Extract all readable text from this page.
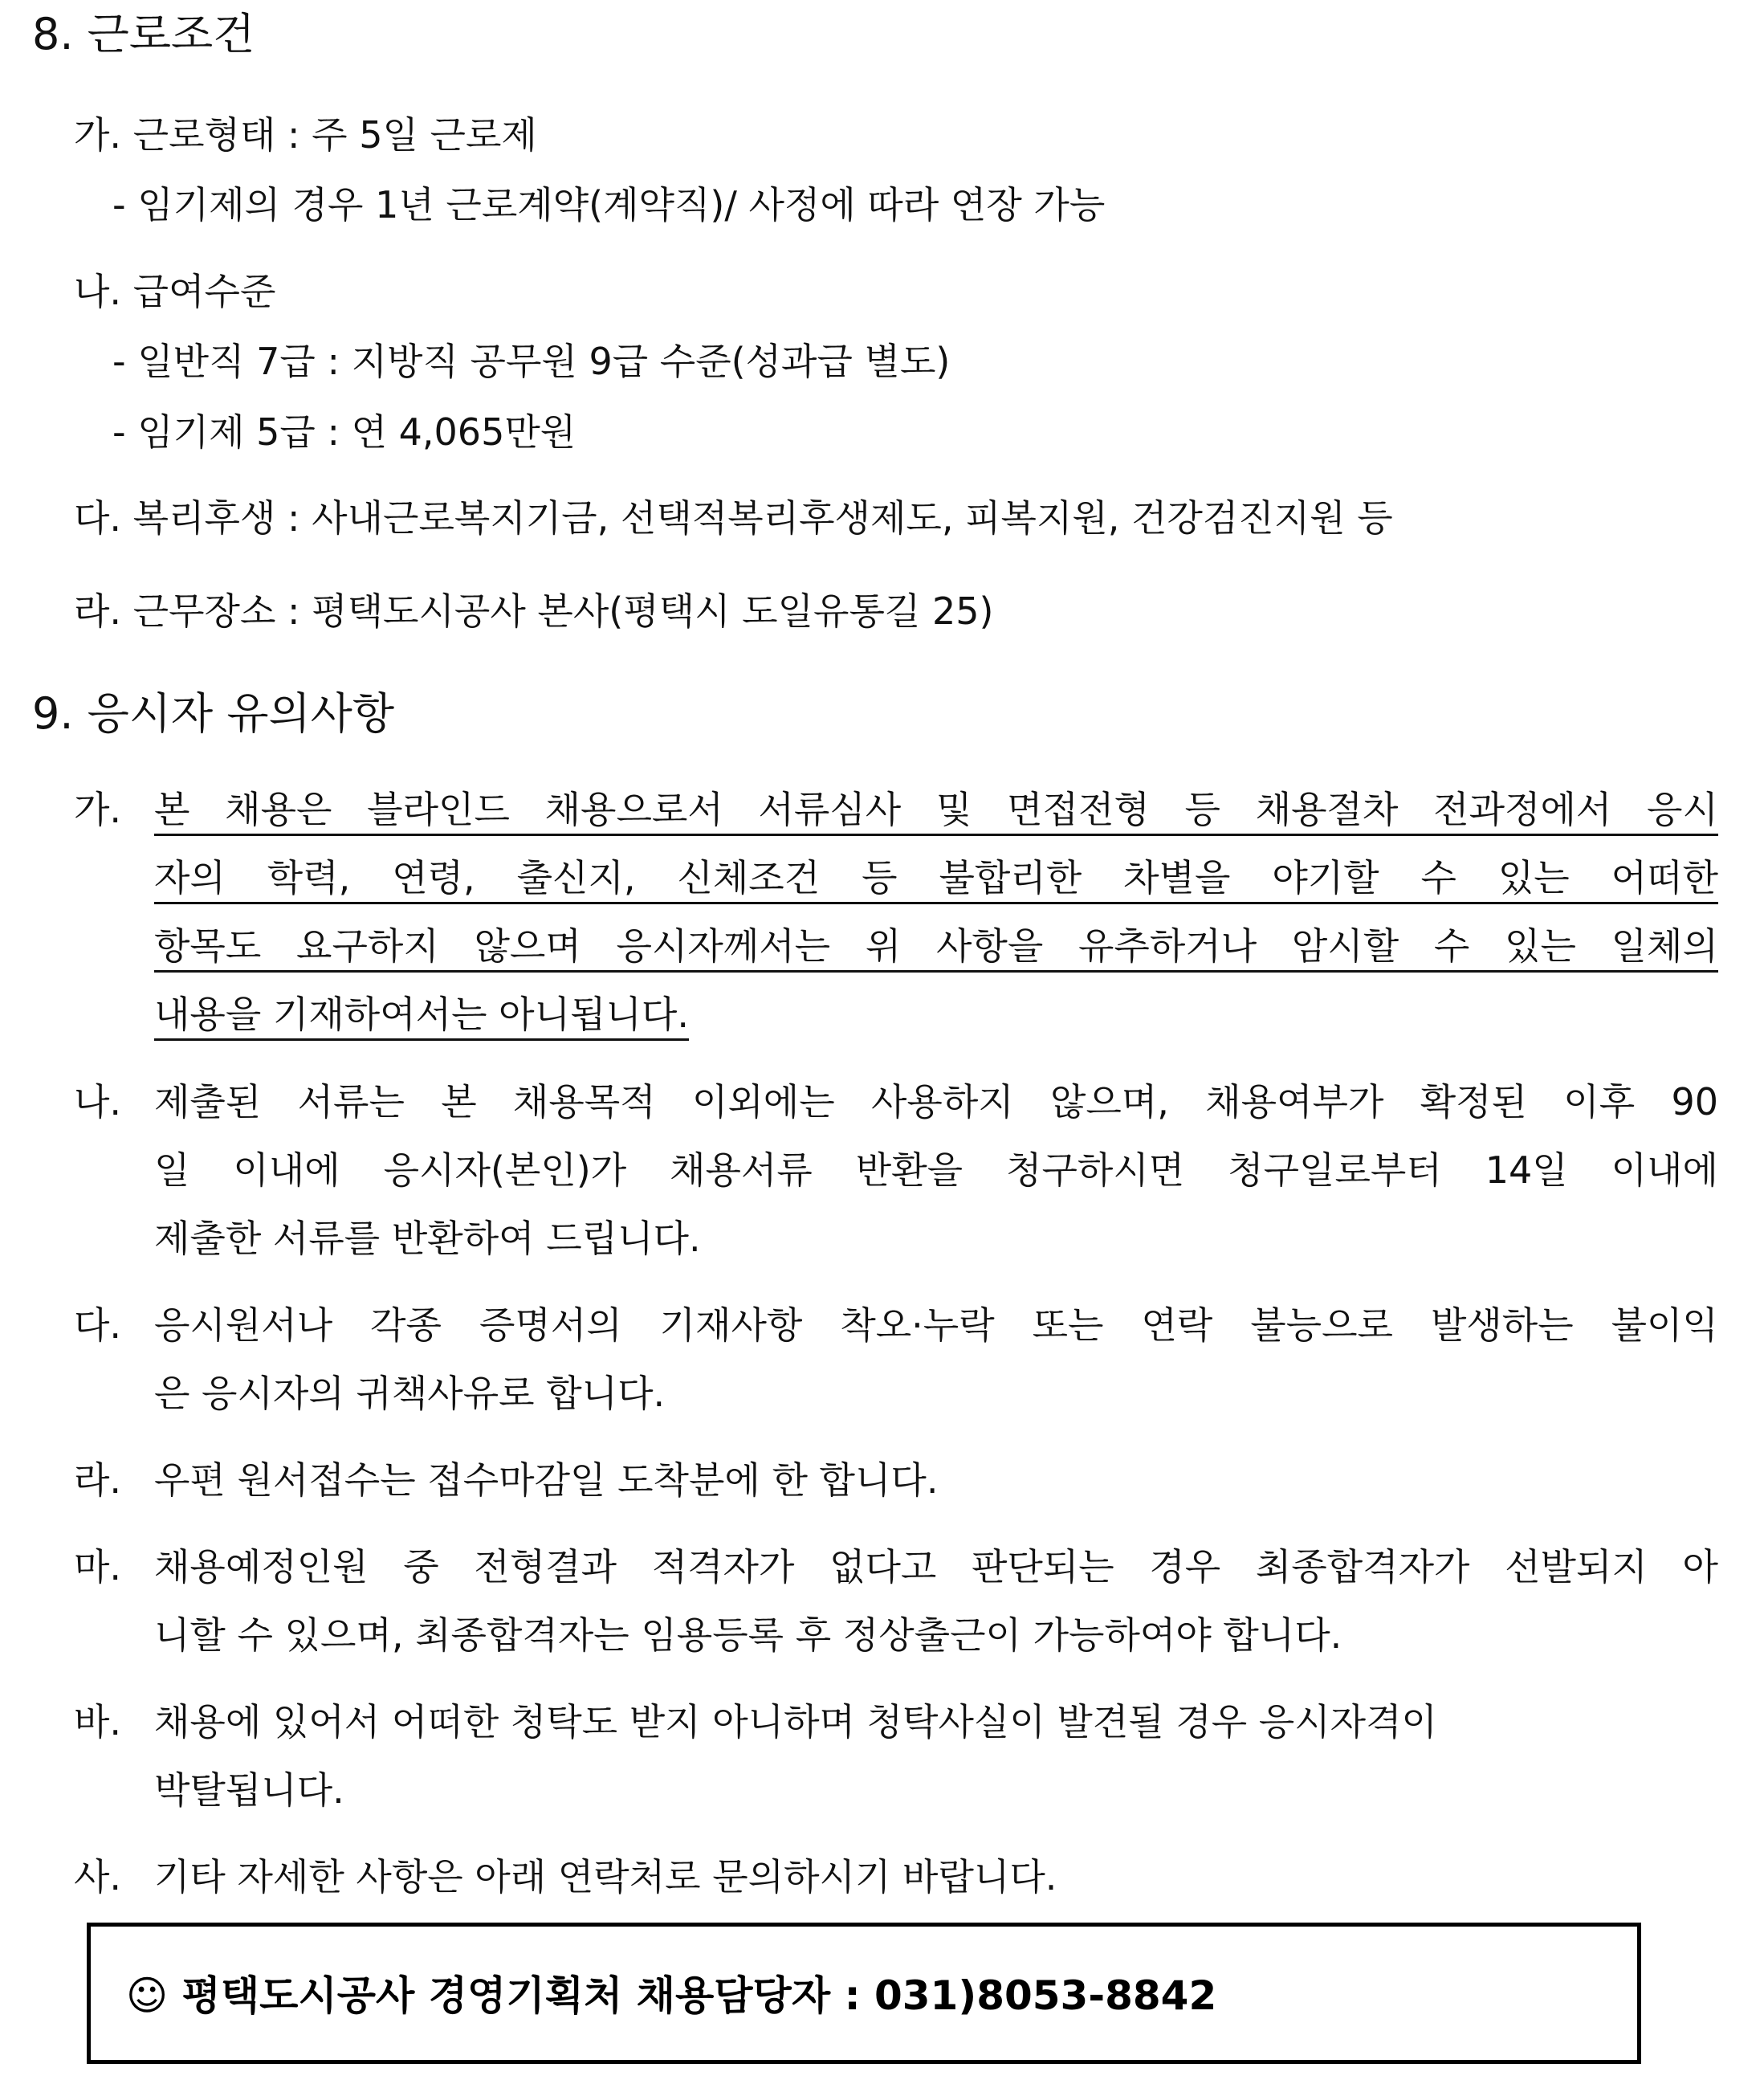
8. 근로조건
가. 근로형태 : 주 5일 근로제
- 임기제의 경우 1년 근로계약(계약직)/ 사정에 따라 연장 가능
나. 급여수준
- 일반직 7급 : 지방직 공무원 9급 수준(성과급 별도)
- 임기제 5급 : 연 4,065만원
다. 복리후생 : 사내근로복지기금, 선택적복리후생제도, 피복지원, 건강검진지원 등
라. 근무장소 : 평택도시공사 본사(평택시 도일유통길 25)
9. 응시자 유의사항
가. 본 채용은 블라인드 채용으로서 서류심사 및 면접전형 등 채용절차 전과정에서 응시
자의 학력, 연령, 출신지, 신체조건 등 불합리한 차별을 야기할 수 있는 어떠한
항목도 요구하지 않으며 응시자께서는 위 사항을 유추하거나 암시할 수 있는 일체의
내용을 기재하여서는 아니됩니다.
나. 제출된 서류는 본 채용목적 이외에는 사용하지 않으며, 채용여부가 확정된 이후 90
일 이내에 응시자(본인)가 채용서류 반환을 청구하시면 청구일로부터 14일 이내에
제출한 서류를 반환하여 드립니다.
다. 응시원서나 각종 증명서의 기재사항 착오·누락 또는 연락 불능으로 발생하는 불이익
은 응시자의 귀책사유로 합니다.
라. 우편 원서접수는 접수마감일 도착분에 한 합니다.
마. 채용예정인원 중 전형결과 적격자가 없다고 판단되는 경우 최종합격자가 선발되지 아
니할 수 있으며, 최종합격자는 임용등록 후 정상출근이 가능하여야 합니다.
바. 채용에 있어서 어떠한 청탁도 받지 아니하며 청탁사실이 발견될 경우 응시자격이
박탈됩니다.
사. 기타 자세한 사항은 아래 연락처로 문의하시기 바랍니다.
☺ 평택도시공사 경영기획처 채용담당자 : 031)8053-8842
